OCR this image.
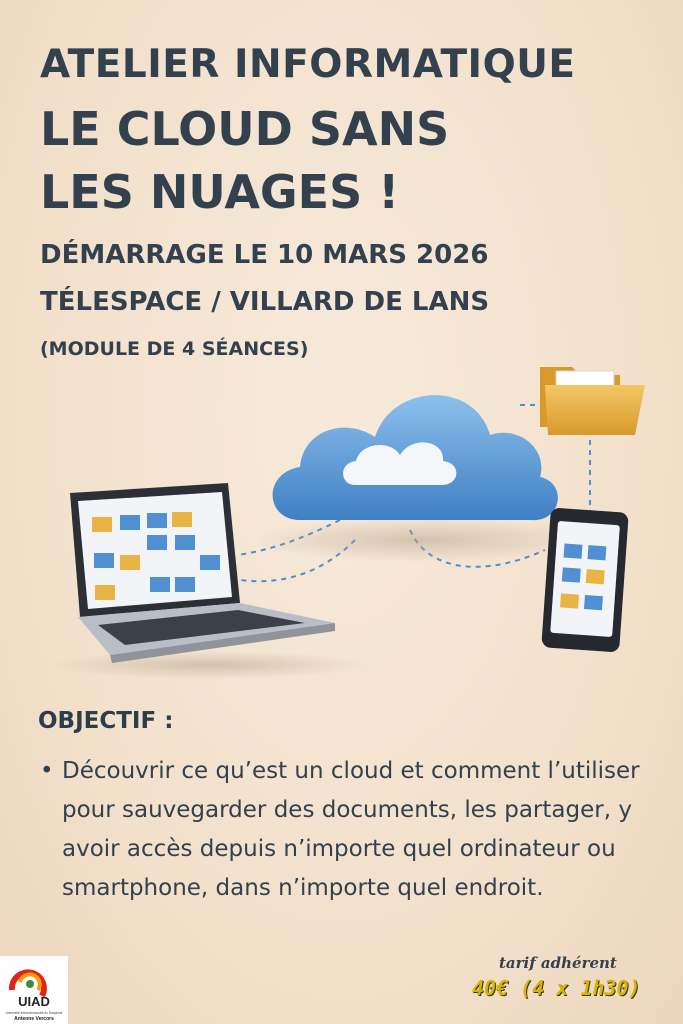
ATELIER INFORMATIQUE
LE CLOUD SANS
LES NUAGES !
DÉMARRAGE LE 10 MARS 2026
TÉLESPACE / VILLARD DE LANS
(MODULE DE 4 SÉANCES)
OBJECTIF :
• Découvrir ce qu’est un cloud et comment l’utiliser pour sauvegarder des documents, les partager, y avoir accès depuis n’importe quel ordinateur ou smartphone, dans n’importe quel endroit.
UIAD
Université Intercommunale du Dauphiné
Antenne Vercors
tarif adhérent
40€ (4 x 1h30)
